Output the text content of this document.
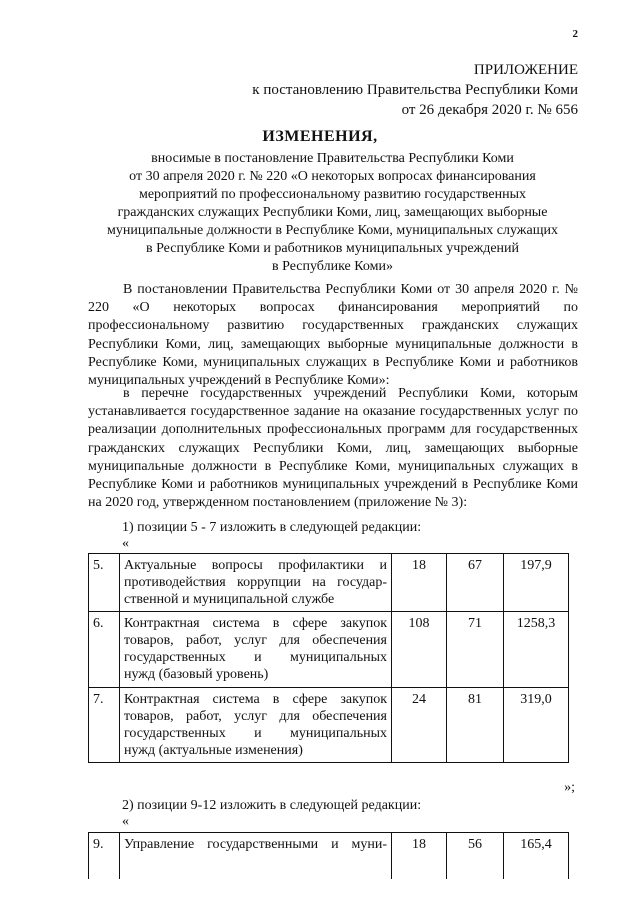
2
ПРИЛОЖЕНИЕ
к постановлению Правительства Республики Коми
от 26 декабря 2020 г. № 656
ИЗМЕНЕНИЯ,
вносимые в постановление Правительства Республики Коми
от 30 апреля 2020 г. № 220 «О некоторых вопросах финансирования
мероприятий по профессиональному развитию государственных
гражданских служащих Республики Коми, лиц, замещающих выборные
муниципальные должности в Республике Коми, муниципальных служащих
в Республике Коми и работников муниципальных учреждений
в Республике Коми»
В постановлении Правительства Республики Коми от 30 апреля 2020 г. № 220 «О некоторых вопросах финансирования мероприятий по профессиональному развитию государственных гражданских служащих Республики Коми, лиц, замещающих выборные муниципальные должности в Республике Коми, муниципальных служащих в Республике Коми и работников муниципальных учреждений в Республике Коми»:
в перечне государственных учреждений Республики Коми, которым устанавливается государственное задание на оказание государственных услуг по реализации дополнительных профессиональных программ для государственных гражданских служащих Республики Коми, лиц, замещающих выборные муниципальные должности в Республике Коми, муниципальных служащих в Республике Коми и работников муниципальных учреждений в Республике Коми на 2020 год, утвержденном постановлением (приложение № 3):
1) позиции 5 - 7 изложить в следующей редакции:
«
5.	Актуальные вопросы профилактики и
противодействия коррупции на государ-
ственной и муниципальной службе	18	67	197,9
6.	Контрактная система в сфере закупок
товаров, работ, услуг для обеспечения
государственных и муниципальных
нужд (базовый уровень)	108	71	1258,3
7.	Контрактная система в сфере закупок
товаров, работ, услуг для обеспечения
государственных и муниципальных
нужд (актуальные изменения)	24	81	319,0
»;
2) позиции 9-12 изложить в следующей редакции:
«
9.	Управление государственными и муни-	18	56	165,4
